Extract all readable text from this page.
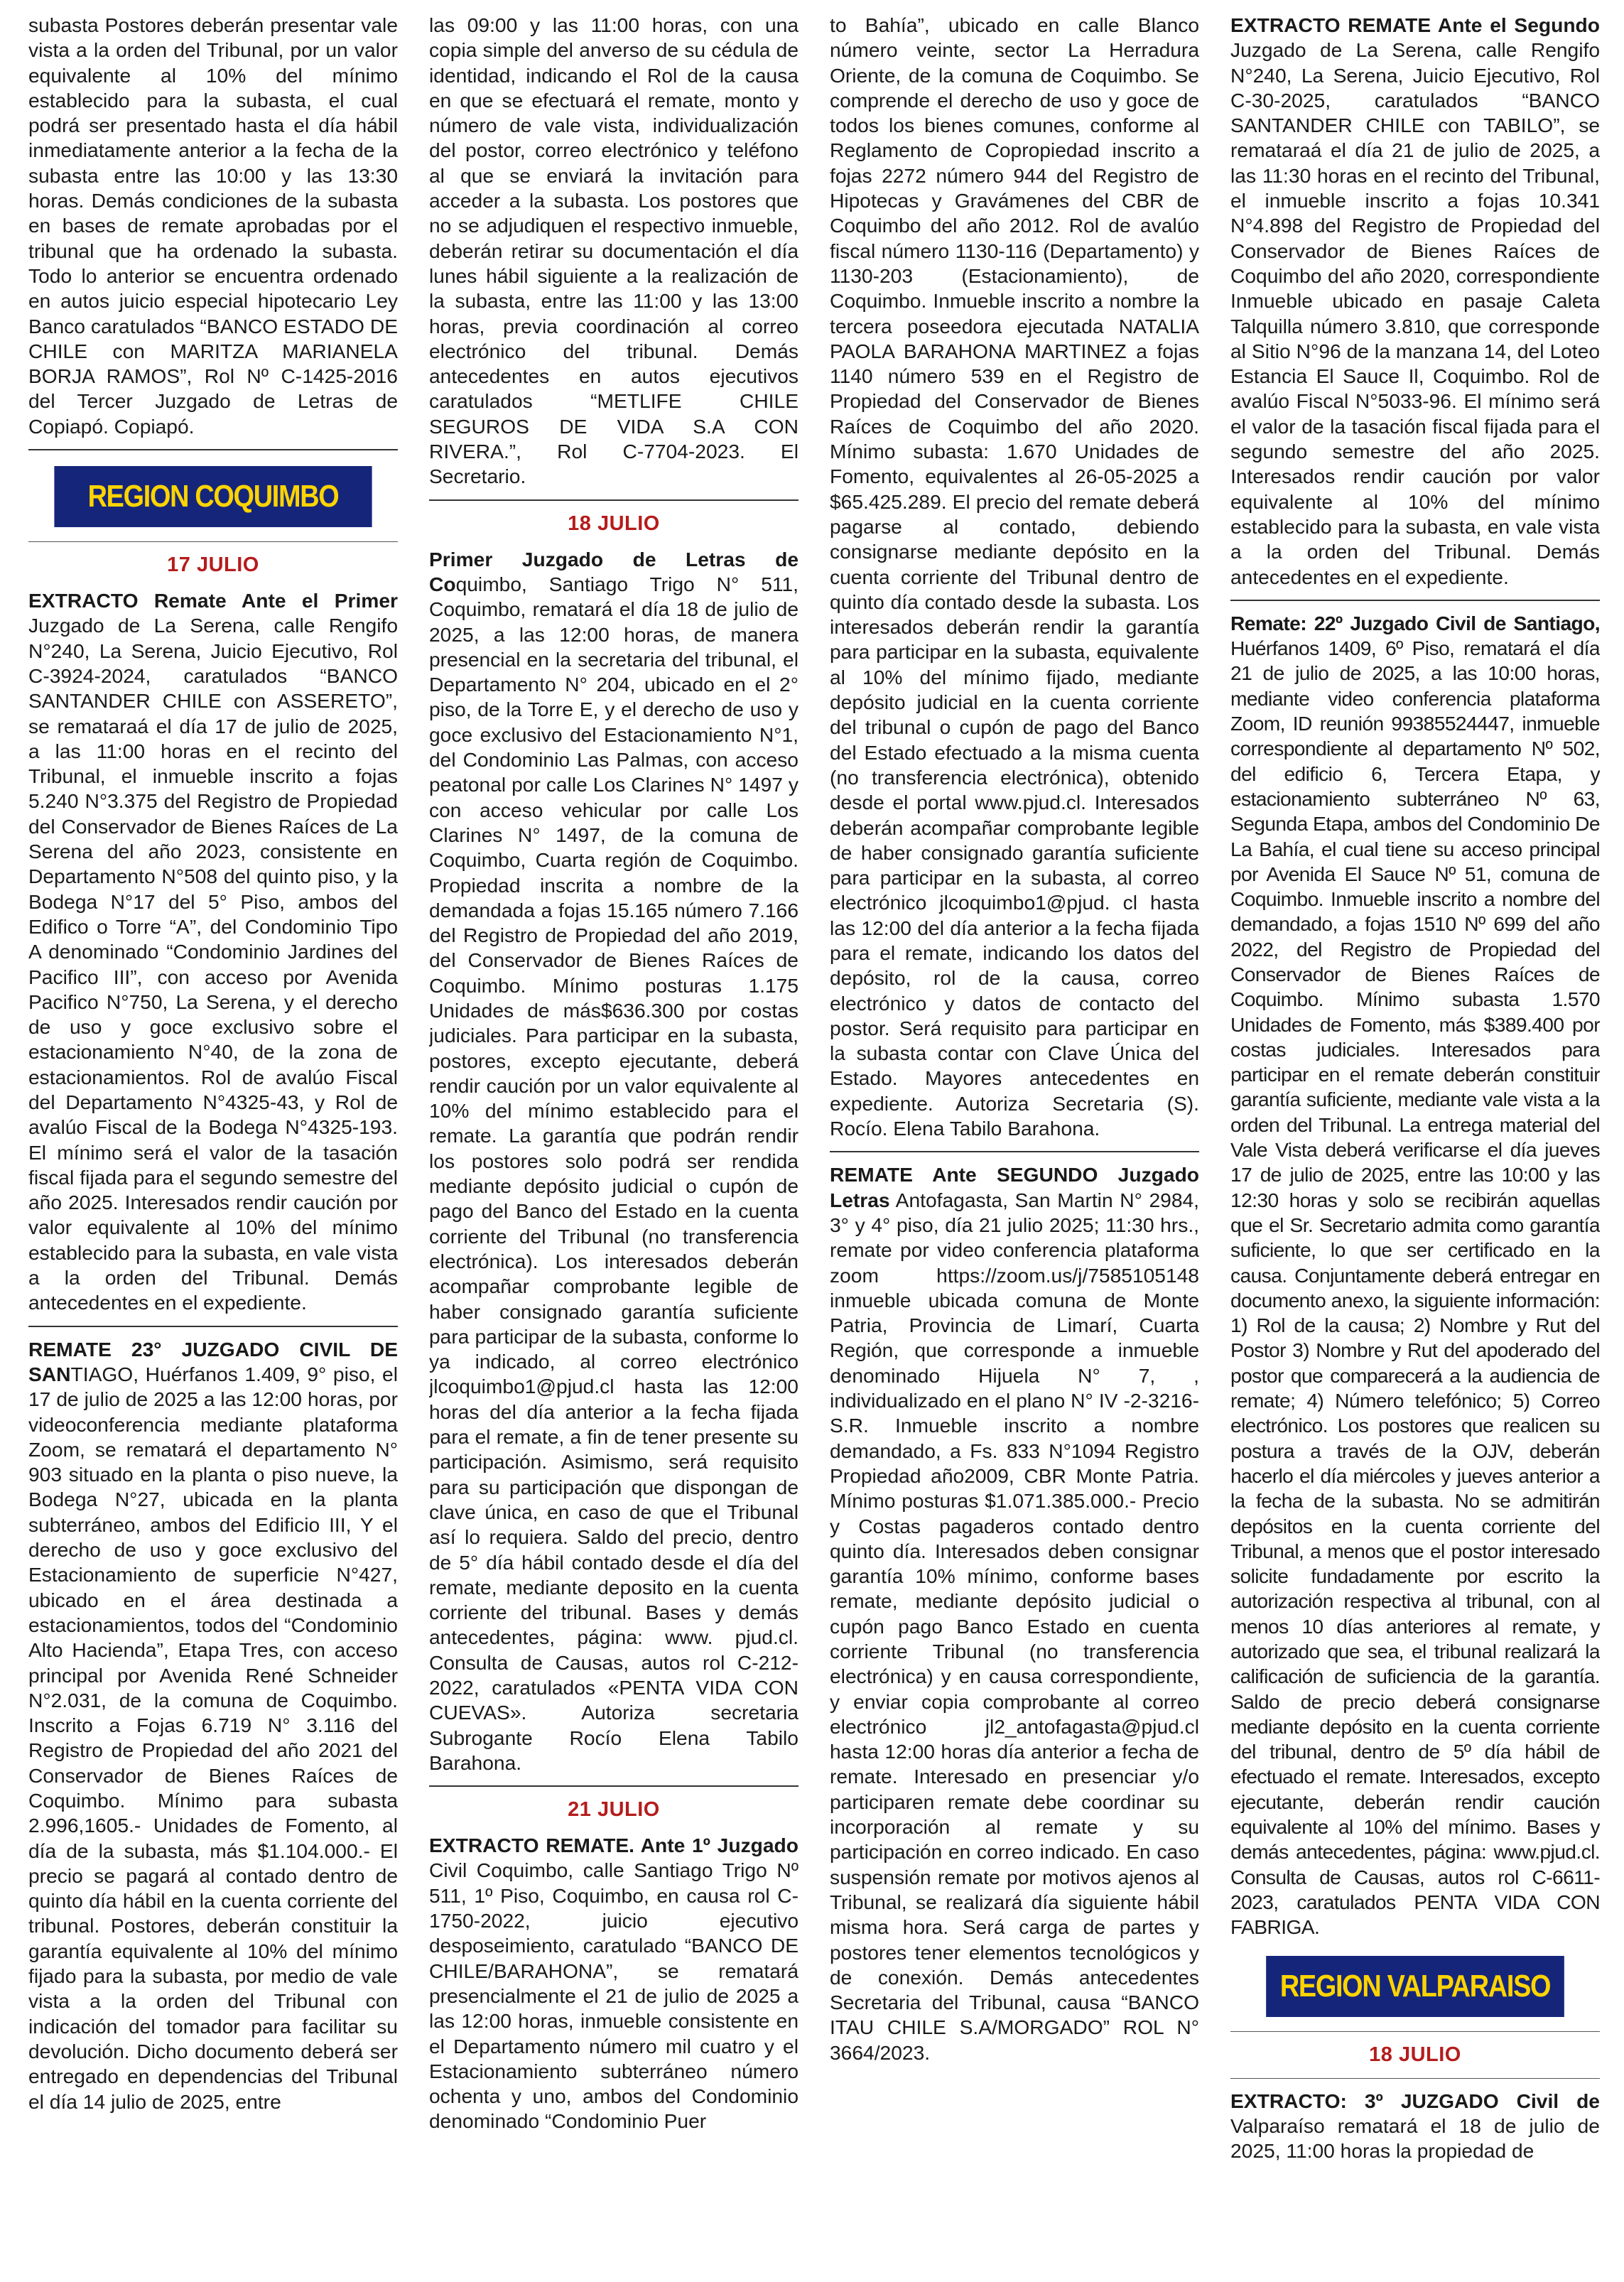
subasta Postores deberán presentar vale vista a la orden del Tribunal, por un valor equivalente al 10% del mínimo establecido para la subasta, el cual podrá ser presentado hasta el día hábil inmediatamente anterior a la fecha de la subasta entre las 10:00 y las 13:30 horas. Demás condiciones de la subasta en bases de remate aprobadas por el tribunal que ha ordenado la subasta. Todo lo anterior se encuentra ordenado en autos juicio especial hipotecario Ley Banco caratulados “BANCO ESTADO DE CHILE con MARITZA MARIANELA BORJA RAMOS”, Rol Nº C-1425-2016 del Tercer Juzgado de Letras de Copiapó. Copiapó.

REGION COQUIMBO
17 JULIO

EXTRACTO Remate Ante el Primer Juzgado de La Serena, calle Rengifo N°240, La Serena, Juicio Ejecutivo, Rol C-3924-2024, caratulados “BANCO SANTANDER CHILE con ASSERETO”, se remataraá el día 17 de julio de 2025, a las 11:00 horas en el recinto del Tribunal, el inmueble inscrito a fojas 5.240 N°3.375 del Registro de Propiedad del Conservador de Bienes Raíces de La Serena del año 2023, consistente en Departamento N°508 del quinto piso, y la Bodega N°17 del 5° Piso, ambos del Edifico o Torre “A”, del Condominio Tipo A denominado “Condominio Jardines del Pacifico III”, con acceso por Avenida Pacifico N°750, La Serena, y el derecho de uso y goce exclusivo sobre el estacionamiento N°40, de la zona de estacionamientos. Rol de avalúo Fiscal del Departamento N°4325-43, y Rol de avalúo Fiscal de la Bodega N°4325-193. El mínimo será el valor de la tasación fiscal fijada para el segundo semestre del año 2025. Interesados rendir caución por valor equivalente al 10% del mínimo establecido para la subasta, en vale vista a la orden del Tribunal. Demás antecedentes en el expediente.

REMATE 23° JUZGADO CIVIL DE SANTIAGO, Huérfanos 1.409, 9° piso, el 17 de julio de 2025 a las 12:00 horas, por videoconferencia mediante plataforma Zoom, se rematará el departamento N° 903 situado en la planta o piso nueve, la Bodega N°27, ubicada en la planta subterráneo, ambos del Edificio III, Y el derecho de uso y goce exclusivo del Estacionamiento de superficie N°427, ubicado en el área destinada a estacionamientos, todos del “Condominio Alto Hacienda”, Etapa Tres, con acceso principal por Avenida René Schneider N°2.031, de la comuna de Coquimbo. Inscrito a Fojas 6.719 N° 3.116 del Registro de Propiedad del año 2021 del Conservador de Bienes Raíces de Coquimbo. Mínimo para subasta 2.996,1605.- Unidades de Fomento, al día de la subasta, más $1.104.000.- El precio se pagará al contado dentro de quinto día hábil en la cuenta corriente del tribunal. Postores, deberán constituir la garantía equivalente al 10% del mínimo fijado para la subasta, por medio de vale vista a la orden del Tribunal con indicación del tomador para facilitar su devolución. Dicho documento deberá ser entregado en dependencias del Tribunal el día 14 julio de 2025, entre

las 09:00 y las 11:00 horas, con una copia simple del anverso de su cédula de identidad, indicando el Rol de la causa en que se efectuará el remate, monto y número de vale vista, individualización del postor, correo electrónico y teléfono al que se enviará la invitación para acceder a la subasta. Los postores que no se adjudiquen el respectivo inmueble, deberán retirar su documentación el día lunes hábil siguiente a la realización de la subasta, entre las 11:00 y las 13:00 horas, previa coordinación al correo electrónico del tribunal. Demás antecedentes en autos ejecutivos caratulados “METLIFE CHILE SEGUROS DE VIDA S.A CON RIVERA.”, Rol C-7704-2023. El Secretario.

18 JULIO

Primer Juzgado de Letras de Coquimbo, Santiago Trigo N° 511, Coquimbo, rematará el día 18 de julio de 2025, a las 12:00 horas, de manera presencial en la secretaria del tribunal, el Departamento N° 204, ubicado en el 2° piso, de la Torre E, y el derecho de uso y goce exclusivo del Estacionamiento N°1, del Condominio Las Palmas, con acceso peatonal por calle Los Clarines N° 1497 y con acceso vehicular por calle Los Clarines N° 1497, de la comuna de Coquimbo, Cuarta región de Coquimbo. Propiedad inscrita a nombre de la demandada a fojas 15.165 número 7.166 del Registro de Propiedad del año 2019, del Conservador de Bienes Raíces de Coquimbo. Mínimo posturas 1.175 Unidades de más$636.300 por costas judiciales. Para participar en la subasta, postores, excepto ejecutante, deberá rendir caución por un valor equivalente al 10% del mínimo establecido para el remate. La garantía que podrán rendir los postores solo podrá ser rendida mediante depósito judicial o cupón de pago del Banco del Estado en la cuenta corriente del Tribunal (no transferencia electrónica). Los interesados deberán acompañar comprobante legible de haber consignado garantía suficiente para participar de la subasta, conforme lo ya indicado, al correo electrónico jlcoquimbo1@pjud.cl hasta las 12:00 horas del día anterior a la fecha fijada para el remate, a fin de tener presente su participación. Asimismo, será requisito para su participación que dispongan de clave única, en caso de que el Tribunal así lo requiera. Saldo del precio, dentro de 5° día hábil contado desde el día del remate, mediante deposito en la cuenta corriente del tribunal. Bases y demás antecedentes, página: www. pjud.cl. Consulta de Causas, autos rol C-212-2022, caratulados «PENTA VIDA CON CUEVAS». Autoriza secretaria Subrogante Rocío Elena Tabilo Barahona.

21 JULIO

EXTRACTO REMATE. Ante 1º Juzgado Civil Coquimbo, calle Santiago Trigo Nº 511, 1º Piso, Coquimbo, en causa rol C-1750-2022, juicio ejecutivo desposeimiento, caratulado “BANCO DE CHILE/BARAHONA”, se rematará presencialmente el 21 de julio de 2025 a las 12:00 horas, inmueble consistente en el Departamento número mil cuatro y el Estacionamiento subterráneo número ochenta y uno, ambos del Condominio denominado “Condominio Puer

to Bahía”, ubicado en calle Blanco número veinte, sector La Herradura Oriente, de la comuna de Coquimbo. Se comprende el derecho de uso y goce de todos los bienes comunes, conforme al Reglamento de Copropiedad inscrito a fojas 2272 número 944 del Registro de Hipotecas y Gravámenes del CBR de Coquimbo del año 2012. Rol de avalúo fiscal número 1130-116 (Departamento) y 1130-203 (Estacionamiento), de Coquimbo. Inmueble inscrito a nombre la tercera poseedora ejecutada NATALIA PAOLA BARAHONA MARTINEZ a fojas 1140 número 539 en el Registro de Propiedad del Conservador de Bienes Raíces de Coquimbo del año 2020. Mínimo subasta: 1.670 Unidades de Fomento, equivalentes al 26-05-2025 a $65.425.289. El precio del remate deberá pagarse al contado, debiendo consignarse mediante depósito en la cuenta corriente del Tribunal dentro de quinto día contado desde la subasta. Los interesados deberán rendir la garantía para participar en la subasta, equivalente al 10% del mínimo fijado, mediante depósito judicial en la cuenta corriente del tribunal o cupón de pago del Banco del Estado efectuado a la misma cuenta (no transferencia electrónica), obtenido desde el portal www.pjud.cl. Interesados deberán acompañar comprobante legible de haber consignado garantía suficiente para participar en la subasta, al correo electrónico jlcoquimbo1@pjud. cl hasta las 12:00 del día anterior a la fecha fijada para el remate, indicando los datos del depósito, rol de la causa, correo electrónico y datos de contacto del postor. Será requisito para participar en la subasta contar con Clave Única del Estado. Mayores antecedentes en expediente. Autoriza Secretaria (S). Rocío. Elena Tabilo Barahona.

REMATE Ante SEGUNDO Juzgado Letras Antofagasta, San Martin N° 2984, 3° y 4° piso, día 21 julio 2025; 11:30 hrs., remate por video conferencia plataforma zoom https://zoom.us/j/7585105148 inmueble ubicada comuna de Monte Patria, Provincia de Limarí, Cuarta Región, que corresponde a inmueble denominado Hijuela N° 7, , individualizado en el plano N° IV -2-3216-S.R. Inmueble inscrito a nombre demandado, a Fs. 833 N°1094 Registro Propiedad año2009, CBR Monte Patria. Mínimo posturas $1.071.385.000.- Precio y Costas pagaderos contado dentro quinto día. Interesados deben consignar garantía 10% mínimo, conforme bases remate, mediante depósito judicial o cupón pago Banco Estado en cuenta corriente Tribunal (no transferencia electrónica) y en causa correspondiente, y enviar copia comprobante al correo electrónico jl2_antofagasta@pjud.cl hasta 12:00 horas día anterior a fecha de remate. Interesado en presenciar y/o participaren remate debe coordinar su incorporación al remate y su participación en correo indicado. En caso suspensión remate por motivos ajenos al Tribunal, se realizará día siguiente hábil misma hora. Será carga de partes y postores tener elementos tecnológicos y de conexión. Demás antecedentes Secretaria del Tribunal, causa “BANCO ITAU CHILE S.A/MORGADO” ROL N° 3664/2023.

EXTRACTO REMATE Ante el Segundo Juzgado de La Serena, calle Rengifo N°240, La Serena, Juicio Ejecutivo, Rol C-30-2025, caratulados “BANCO SANTANDER CHILE con TABILO”, se remataraá el día 21 de julio de 2025, a las 11:30 horas en el recinto del Tribunal, el inmueble inscrito a fojas 10.341 N°4.898 del Registro de Propiedad del Conservador de Bienes Raíces de Coquimbo del año 2020, correspondiente Inmueble ubicado en pasaje Caleta Talquilla número 3.810, que corresponde al Sitio N°96 de la manzana 14, del Loteo Estancia El Sauce Il, Coquimbo. Rol de avalúo Fiscal N°5033-96. El mínimo será el valor de la tasación fiscal fijada para el segundo semestre del año 2025. Interesados rendir caución por valor equivalente al 10% del mínimo establecido para la subasta, en vale vista a la orden del Tribunal. Demás antecedentes en el expediente.

Remate: 22º Juzgado Civil de Santiago, Huérfanos 1409, 6º Piso, rematará el día 21 de julio de 2025, a las 10:00 horas, mediante video conferencia plataforma Zoom, ID reunión 99385524447, inmueble correspondiente al departamento Nº 502, del edificio 6, Tercera Etapa, y estacionamiento subterráneo Nº 63, Segunda Etapa, ambos del Condominio De La Bahía, el cual tiene su acceso principal por Avenida El Sauce Nº 51, comuna de Coquimbo. Inmueble inscrito a nombre del demandado, a fojas 1510 Nº 699 del año 2022, del Registro de Propiedad del Conservador de Bienes Raíces de Coquimbo. Mínimo subasta 1.570 Unidades de Fomento, más $389.400 por costas judiciales. Interesados para participar en el remate deberán constituir garantía suficiente, mediante vale vista a la orden del Tribunal. La entrega material del Vale Vista deberá verificarse el día jueves 17 de julio de 2025, entre las 10:00 y las 12:30 horas y solo se recibirán aquellas que el Sr. Secretario admita como garantía suficiente, lo que ser certificado en la causa. Conjuntamente deberá entregar en documento anexo, la siguiente información: 1) Rol de la causa; 2) Nombre y Rut del Postor 3) Nombre y Rut del apoderado del postor que comparecerá a la audiencia de remate; 4) Número telefónico; 5) Correo electrónico. Los postores que realicen su postura a través de la OJV, deberán hacerlo el día miércoles y jueves anterior a la fecha de la subasta. No se admitirán depósitos en la cuenta corriente del Tribunal, a menos que el postor interesado solicite fundadamente por escrito la autorización respectiva al tribunal, con al menos 10 días anteriores al remate, y autorizado que sea, el tribunal realizará la calificación de suficiencia de la garantía. Saldo de precio deberá consignarse mediante depósito en la cuenta corriente del tribunal, dentro de 5º día hábil de efectuado el remate. Interesados, excepto ejecutante, deberán rendir caución equivalente al 10% del mínimo. Bases y demás antecedentes, página: www.pjud.cl. Consulta de Causas, autos rol C-6611-2023, caratulados PENTA VIDA CON FABRIGA.

REGION VALPARAISO
18 JULIO

EXTRACTO: 3º JUZGADO Civil de Valparaíso rematará el 18 de julio de 2025, 11:00 horas la propiedad de
